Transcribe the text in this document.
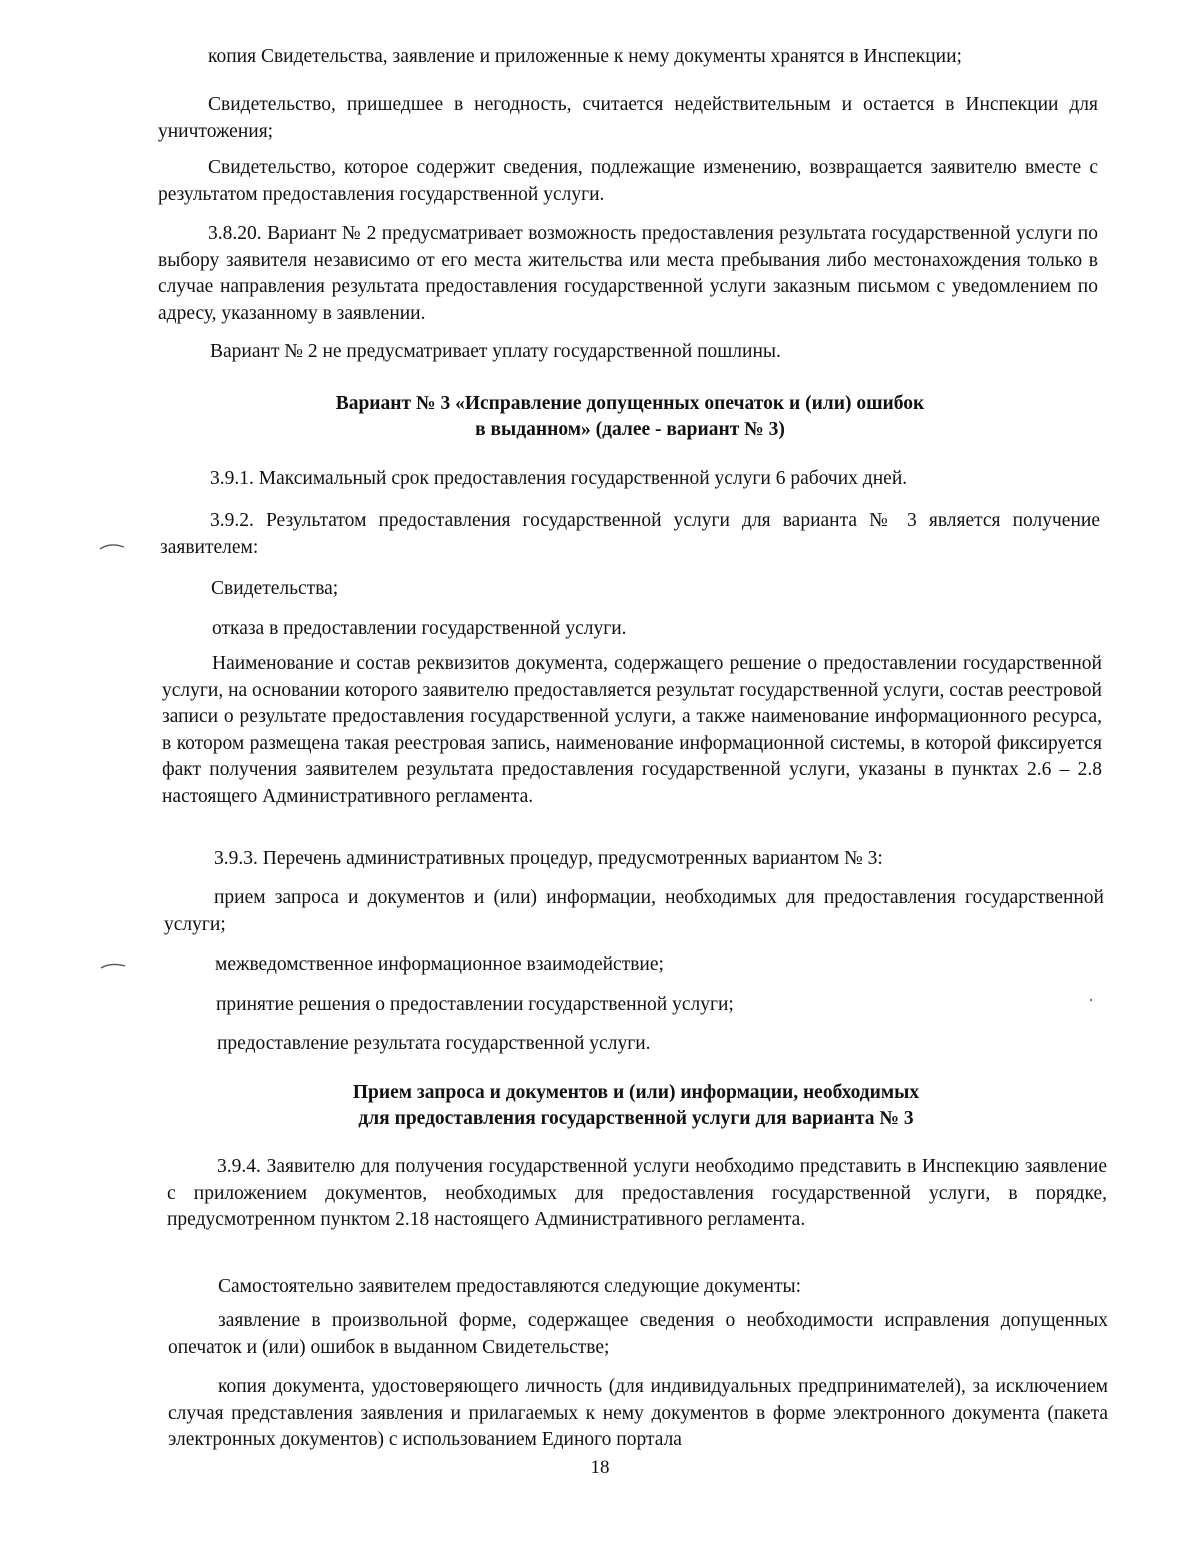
копия Свидетельства, заявление и приложенные к нему документы хранятся в Инспекции;

Свидетельство, пришедшее в негодность, считается недействительным и остается в Инспекции для уничтожения;

Свидетельство, которое содержит сведения, подлежащие изменению, возвращается заявителю вместе с результатом предоставления государственной услуги.

3.8.20. Вариант № 2 предусматривает возможность предоставления результата государственной услуги по выбору заявителя независимо от его места жительства или места пребывания либо местонахождения только в случае направления результата предоставления государственной услуги заказным письмом с уведомлением по адресу, указанному в заявлении.

Вариант № 2 не предусматривает уплату государственной пошлины.

Вариант № 3 «Исправление допущенных опечаток и (или) ошибок
в выданном» (далее - вариант № 3)

3.9.1. Максимальный срок предоставления государственной услуги 6 рабочих дней.

3.9.2. Результатом предоставления государственной услуги для варианта № 3 является получение заявителем:

Свидетельства;

отказа в предоставлении государственной услуги.

Наименование и состав реквизитов документа, содержащего решение о предоставлении государственной услуги, на основании которого заявителю предоставляется результат государственной услуги, состав реестровой записи о результате предоставления государственной услуги, а также наименование информационного ресурса, в котором размещена такая реестровая запись, наименование информационной системы, в которой фиксируется факт получения заявителем результата предоставления государственной услуги, указаны в пунктах 2.6 – 2.8 настоящего Административного регламента.

3.9.3. Перечень административных процедур, предусмотренных вариантом № 3:

прием запроса и документов и (или) информации, необходимых для предоставления государственной услуги;

межведомственное информационное взаимодействие;

принятие решения о предоставлении государственной услуги;

предоставление результата государственной услуги.

Прием запроса и документов и (или) информации, необходимых
для предоставления государственной услуги для варианта № 3

3.9.4. Заявителю для получения государственной услуги необходимо представить в Инспекцию заявление с приложением документов, необходимых для предоставления государственной услуги, в порядке, предусмотренном пунктом 2.18 настоящего Административного регламента.

Самостоятельно заявителем предоставляются следующие документы:

заявление в произвольной форме, содержащее сведения о необходимости исправления допущенных опечаток и (или) ошибок в выданном Свидетельстве;

копия документа, удостоверяющего личность (для индивидуальных предпринимателей), за исключением случая представления заявления и прилагаемых к нему документов в форме электронного документа (пакета электронных документов) с использованием Единого портала

18
